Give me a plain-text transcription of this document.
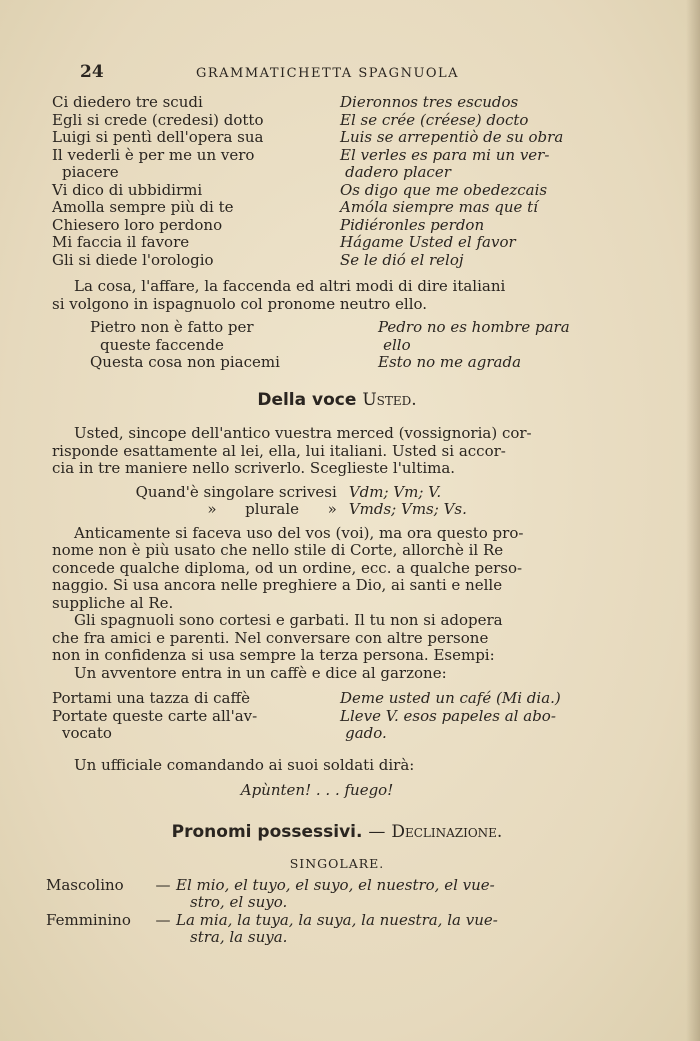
24	GRAMMATICHETTA SPAGNUOLA
Ci diedero tre scudi	Dieronnos tres escudos
Egli si crede (credesi) dotto	El se crée (créese) docto
Luigi si pentì dell'opera sua	Luis se arrepentiò de su obra
Il vederli è per me un vero	El verles es para mi un ver-
piacere	dadero placer
Vi dico di ubbidirmi	Os digo que me obedezcais
Amolla sempre più di te	Amóla siempre mas que tí
Chiesero loro perdono	Pidiéronles perdon
Mi faccia il favore	Hágame Usted el favor
Gli si diede l'orologio	Se le dió el reloj

La cosa, l'affare, la faccenda ed altri modi di dire italiani
si volgono in ispagnuolo col pronome neutro ello.

Pietro non è fatto per	Pedro no es hombre para
queste faccende	ello
Questa cosa non piacemi	Esto no me agrada

Della voce Usted.

Usted, sincope dell'antico vuestra merced (vossignoria) cor-
risponde esattamente al lei, ella, lui italiani. Usted si accor-
cia in tre maniere nello scriverlo. Sceglieste l'ultima.
Quand'è singolare scrivesi Vdm; Vm; V.
»      plurale      » Vmds; Vms; Vs.
Anticamente si faceva uso del vos (voi), ma ora questo pro-
nome non è più usato che nello stile di Corte, allorchè il Re
concede qualche diploma, od un ordine, ecc. a qualche perso-
naggio. Si usa ancora nelle preghiere a Dio, ai santi e nelle
suppliche al Re.
Gli spagnuoli sono cortesi e garbati. Il tu non si adopera
che fra amici e parenti. Nel conversare con altre persone
non in confidenza si usa sempre la terza persona. Esempi:

Un avventore entra in un caffè e dice al garzone:

Portami una tazza di caffè	Deme usted un café (Mi dia.)
Portate queste carte all'av-	Lleve V. esos papeles al abo-
vocato	gado.

Un ufficiale comandando ai suoi soldati dirà:

Apùnten! . . . fuego!

Pronomi possessivi. — Declinazione.

SINGOLARE.

Mascolino	— El mio, el tuyo, el suyo, el nuestro, el vue-
stro, el suyo.
Femminino	— La mia, la tuya, la suya, la nuestra, la vue-
stra, la suya.
